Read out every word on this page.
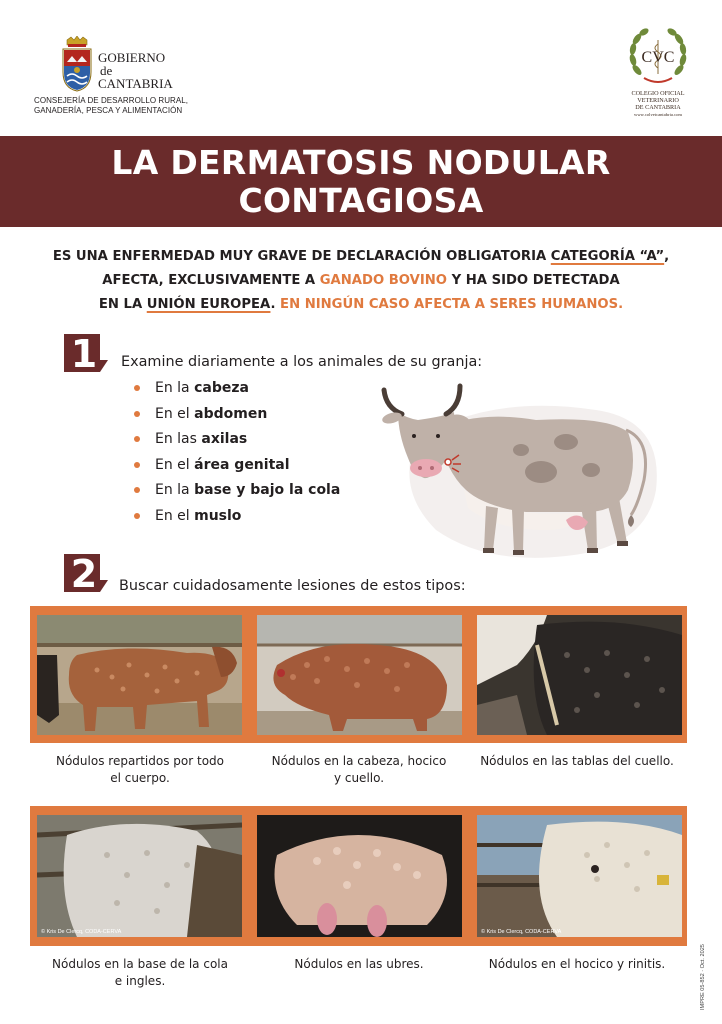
GOBIERNO
de
CANTABRIA
CONSEJERÍA DE DESARROLLO RURAL,
GANADERÍA, PESCA Y ALIMENTACIÓN
CVC
COLEGIO OFICIAL
VETERINARIO
DE CANTABRIA
www.colvetcantabria.com
LA DERMATOSIS NODULAR
CONTAGIOSA
ES UNA ENFERMEDAD MUY GRAVE DE DECLARACIÓN OBLIGATORIA CATEGORÍA “A”,
AFECTA, EXCLUSIVAMENTE A GANADO BOVINO Y HA SIDO DETECTADA
EN LA UNIÓN EUROPEA. EN NINGÚN CASO AFECTA A SERES HUMANOS.
1 Examine diariamente a los animales de su granja:
En la cabeza
En el abdomen
En las axilas
En el área genital
En la base y bajo la cola
En el muslo
2 Buscar cuidadosamente lesiones de estos tipos:
Nódulos repartidos por todo
el cuerpo.
Nódulos en la cabeza, hocico
y cuello.
Nódulos en las tablas del cuello.
© Kris De Clercq, CODA-CERVA	© Kris De Clercq, CODA-CERVA
Nódulos en la base de la cola
e ingles.
Nódulos en las ubres.	Nódulos en el hocico y rinitis.	IMPRE 05-852 · Oct. 2025
